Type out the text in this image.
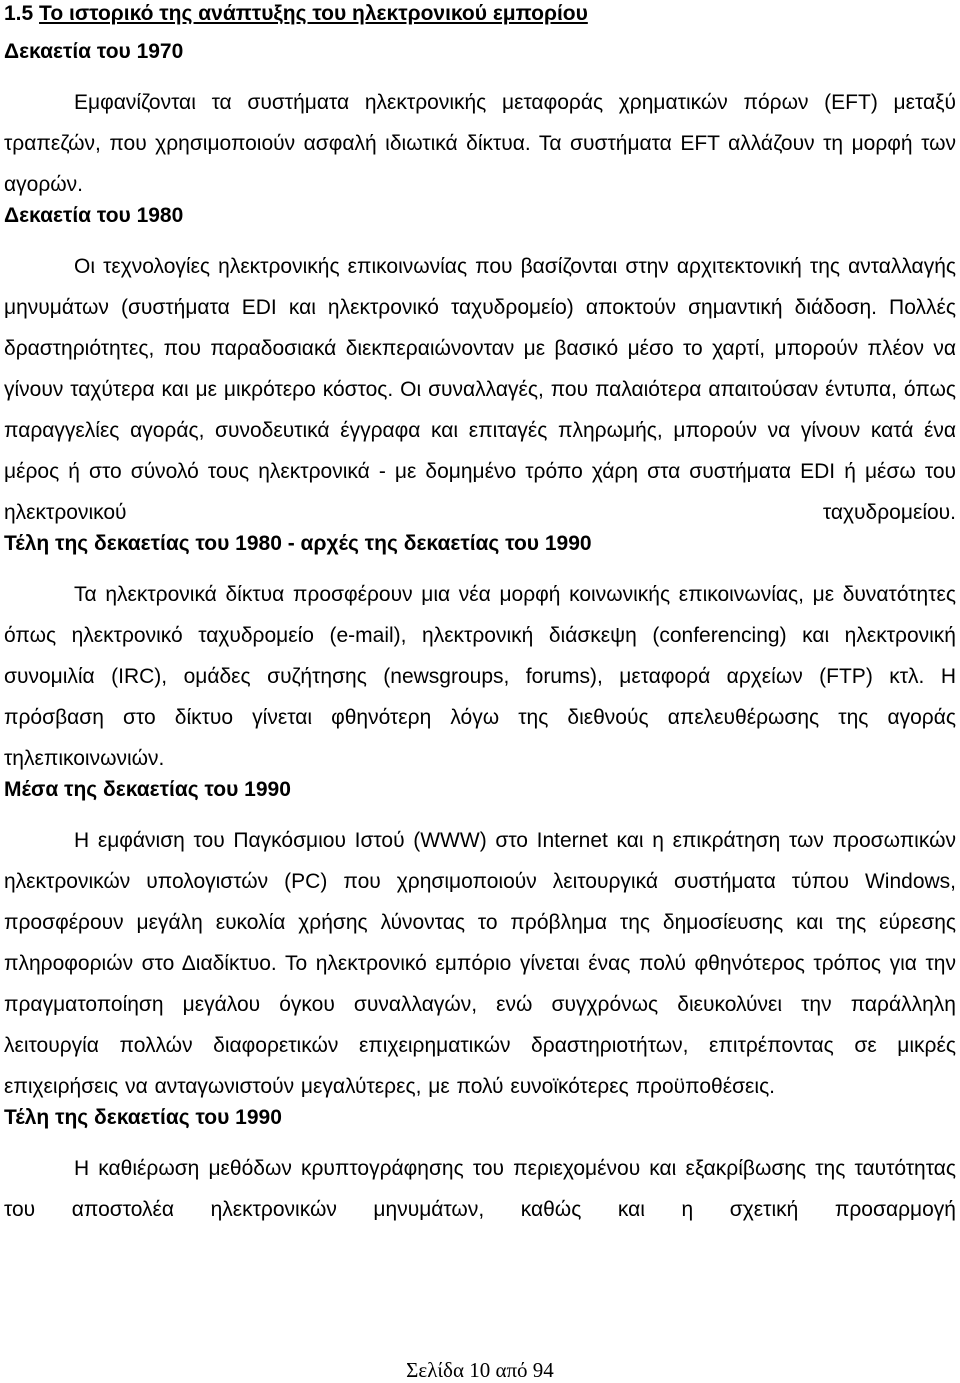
1.5 Το ιστορικό της ανάπτυξης του ηλεκτρονικού εμπορίου
Δεκαετία του 1970

Εμφανίζονται τα συστήματα ηλεκτρονικής μεταφοράς χρηματικών πόρων (EFT) μεταξύ τραπεζών, που χρησιμοποιούν ασφαλή ιδιωτικά δίκτυα. Τα συστήματα EFT αλλάζουν τη μορφή των αγορών.

Δεκαετία του 1980

Οι τεχνολογίες ηλεκτρονικής επικοινωνίας που βασίζονται στην αρχιτεκτονική της ανταλλαγής μηνυμάτων (συστήματα EDI και ηλεκτρονικό ταχυδρομείο) αποκτούν σημαντική διάδοση. Πολλές δραστηριότητες, που παραδοσιακά διεκπεραιώνονταν με βασικό μέσο το χαρτί, μπορούν πλέον να γίνουν ταχύτερα και με μικρότερο κόστος. Οι συναλλαγές, που παλαιότερα απαιτούσαν έντυπα, όπως παραγγελίες αγοράς, συνοδευτικά έγγραφα και επιταγές πληρωμής, μπορούν να γίνουν κατά ένα μέρος ή στο σύνολό τους ηλεκτρονικά - με δομημένο τρόπο χάρη στα συστήματα EDI ή μέσω του ηλεκτρονικού ταχυδρομείου.

Τέλη της δεκαετίας του 1980 - αρχές της δεκαετίας του 1990

Τα ηλεκτρονικά δίκτυα προσφέρουν μια νέα μορφή κοινωνικής επικοινωνίας, με δυνατότητες όπως ηλεκτρονικό ταχυδρομείο (e-mail), ηλεκτρονική διάσκεψη (conferencing) και ηλεκτρονική συνομιλία (IRC), ομάδες συζήτησης (newsgroups, forums), μεταφορά αρχείων (FTP) κτλ. Η πρόσβαση στο δίκτυο γίνεται φθηνότερη λόγω της διεθνούς απελευθέρωσης της αγοράς τηλεπικοινωνιών.

Μέσα της δεκαετίας του 1990

Η εμφάνιση του Παγκόσμιου Ιστού (WWW) στο Internet και η επικράτηση των προσωπικών ηλεκτρονικών υπολογιστών (PC) που χρησιμοποιούν λειτουργικά συστήματα τύπου Windows, προσφέρουν μεγάλη ευκολία χρήσης λύνοντας το πρόβλημα της δημοσίευσης και της εύρεσης πληροφοριών στο Διαδίκτυο. Το ηλεκτρονικό εμπόριο γίνεται ένας πολύ φθηνότερος τρόπος για την πραγματοποίηση μεγάλου όγκου συναλλαγών, ενώ συγχρόνως διευκολύνει την παράλληλη λειτουργία πολλών διαφορετικών επιχειρηματικών δραστηριοτήτων, επιτρέποντας σε μικρές επιχειρήσεις να ανταγωνιστούν μεγαλύτερες, με πολύ ευνοϊκότερες προϋποθέσεις.

Τέλη της δεκαετίας του 1990

Η καθιέρωση μεθόδων κρυπτογράφησης του περιεχομένου και εξακρίβωσης της ταυτότητας του αποστολέα ηλεκτρονικών μηνυμάτων, καθώς και η σχετική προσαρμογή

Σελίδα 10 από 94
